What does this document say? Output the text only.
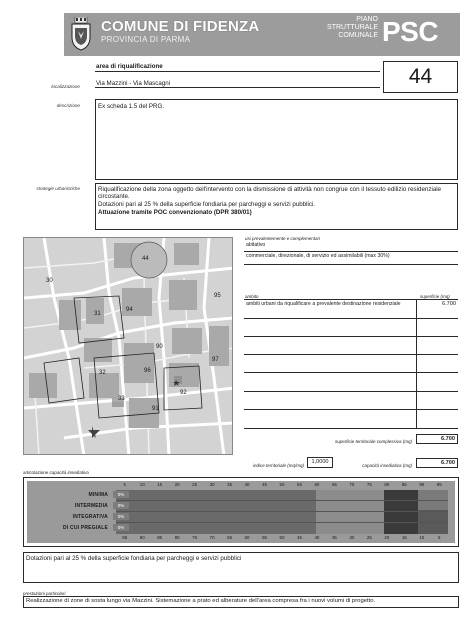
COMUNE DI FIDENZA
PROVINCIA DI PARMA
PIANO
STRUTTURALE
COMUNALE PSC
area di riqualificazione	44
localizzazione	Via Mazzini - Via Mascagni
descrizione	Ex scheda 1.5 del PRG.
strategie urbanistiche	Riqualificazione della zona oggetto dell'intervento con la dismissione di attività non congrue con il tessuto edilizio residenziale circostante.
Dotazioni pari al 25 % della superficie fondiaria per parcheggi e servizi pubblici.
Attuazione tramite POC convenzionato (DPR 380/01)
44
30
95
31
94
90
97
32	96
92
33
91
usi prevalentemente e complementari
abitativo
commerciale, direzionale, di servizio ed assimilabili (max 30%)
ambito	superficie (mq)
ambiti urbani da riqualificare a prevalente destinazione residenziale	6.700
superficie territoriale complessiva (mq)	6.700
indice territoriale (mq/mq)
1,0000
capacità insediativa (mq)	6.700
articolazione capacità insediativa
5	10	15	20	25	30	35	40	45	50	55	60	65	70	75	80	85	90	95
95	90	85	80	75	70	65	60	55	50	45	40	35	30	25	20	15	10	5
MINIMA	0%
INTERMEDIA	0%
INTEGRATIVA	0%
DI CUI PREGIALE	0%
Dotazioni pari al 25 % della superficie fondiaria per parcheggi e servizi pubblici
prestazioni particolari
Realizzazione di zone di sosta lungo via Mazzini. Sistemazione a prato ed alberature dell'area compresa fra i nuovi volumi di progetto.
